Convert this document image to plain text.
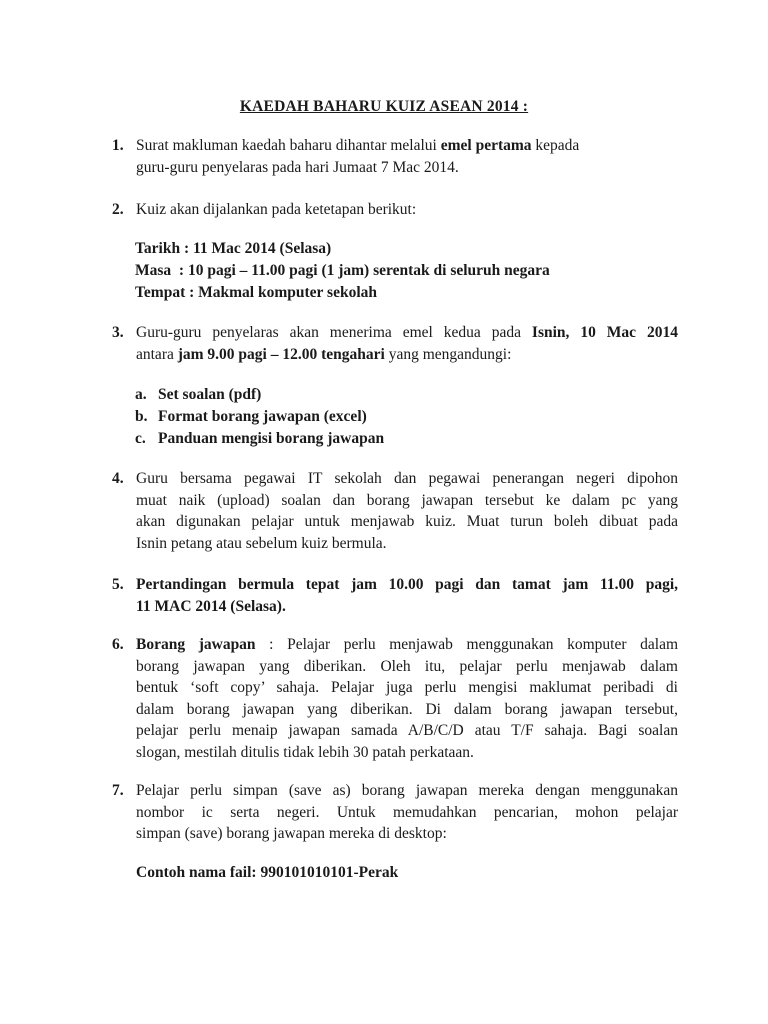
KAEDAH BAHARU KUIZ ASEAN 2014 :
1. Surat makluman kaedah baharu dihantar melalui emel pertama kepada
guru-guru penyelaras pada hari Jumaat 7 Mac 2014.
2. Kuiz akan dijalankan pada ketetapan berikut:
Tarikh : 11 Mac 2014 (Selasa)
Masa  : 10 pagi – 11.00 pagi (1 jam) serentak di seluruh negara
Tempat : Makmal komputer sekolah
3. Guru-guru penyelaras akan menerima emel kedua pada Isnin, 10 Mac 2014
antara jam 9.00 pagi – 12.00 tengahari yang mengandungi:
a. Set soalan (pdf)
b. Format borang jawapan (excel)
c. Panduan mengisi borang jawapan
4. Guru bersama pegawai IT sekolah dan pegawai penerangan negeri dipohon
muat naik (upload) soalan dan borang jawapan tersebut ke dalam pc yang
akan digunakan pelajar untuk menjawab kuiz. Muat turun boleh dibuat pada
Isnin petang atau sebelum kuiz bermula.
5. Pertandingan bermula tepat jam 10.00 pagi dan tamat jam 11.00 pagi,
11 MAC 2014 (Selasa).
6. Borang jawapan : Pelajar perlu menjawab menggunakan komputer dalam
borang jawapan yang diberikan. Oleh itu, pelajar perlu menjawab dalam
bentuk ‘soft copy’ sahaja. Pelajar juga perlu mengisi maklumat peribadi di
dalam borang jawapan yang diberikan. Di dalam borang jawapan tersebut,
pelajar perlu menaip jawapan samada A/B/C/D atau T/F sahaja. Bagi soalan
slogan, mestilah ditulis tidak lebih 30 patah perkataan.
7. Pelajar perlu simpan (save as) borang jawapan mereka dengan menggunakan
nombor ic serta negeri. Untuk memudahkan pencarian, mohon pelajar
simpan (save) borang jawapan mereka di desktop:
Contoh nama fail: 990101010101-Perak
